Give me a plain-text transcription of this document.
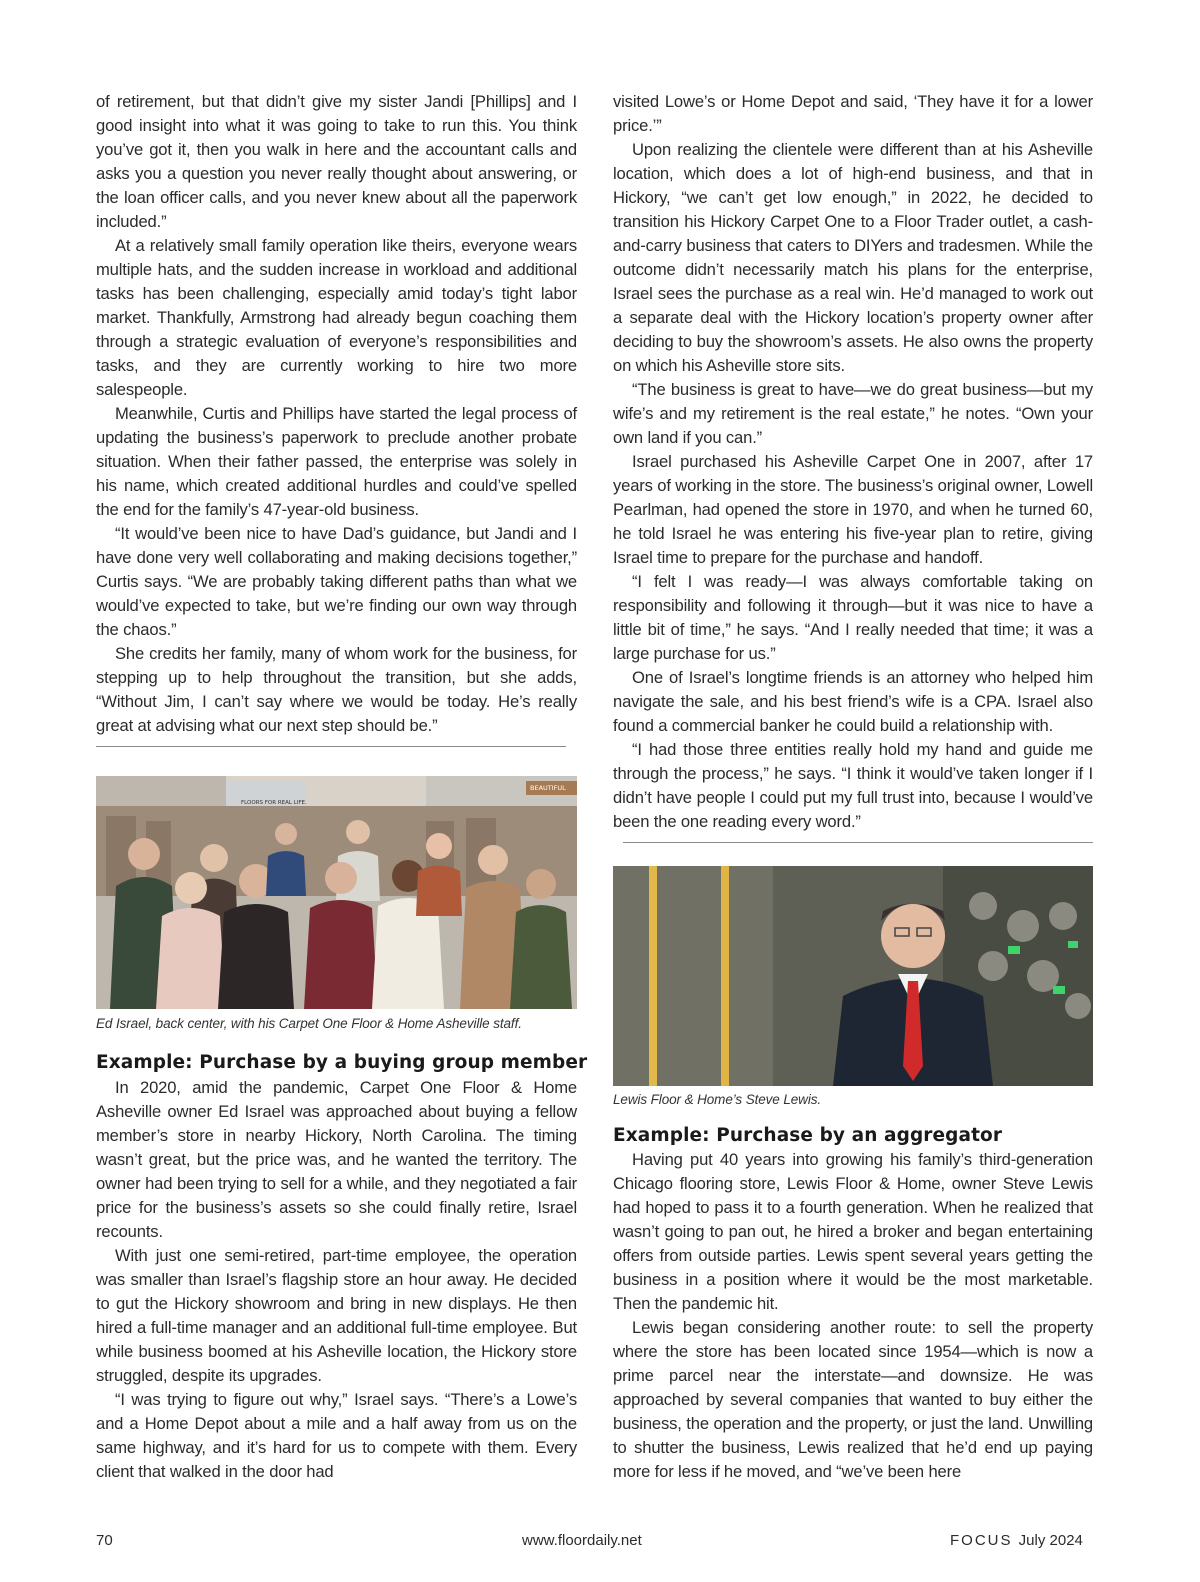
of retirement, but that didn’t give my sister Jandi [Phillips] and I good insight into what it was going to take to run this. You think you’ve got it, then you walk in here and the accountant calls and asks you a question you never really thought about answering, or the loan officer calls, and you never knew about all the paperwork included.”

At a relatively small family operation like theirs, everyone wears multiple hats, and the sudden increase in workload and additional tasks has been challenging, especially amid today’s tight labor market. Thankfully, Armstrong had already begun coaching them through a strategic evaluation of everyone’s responsibilities and tasks, and they are currently working to hire two more salespeople.

Meanwhile, Curtis and Phillips have started the legal process of updating the business’s paperwork to preclude another probate situation. When their father passed, the enterprise was solely in his name, which created additional hurdles and could’ve spelled the end for the family’s 47-year-old business.

“It would’ve been nice to have Dad’s guidance, but Jandi and I have done very well collaborating and making decisions together,” Curtis says. “We are probably taking different paths than what we would’ve expected to take, but we’re finding our own way through the chaos.”

She credits her family, many of whom work for the business, for stepping up to help throughout the transition, but she adds, “Without Jim, I can’t say where we would be today. He’s really great at advising what our next step should be.”

visited Lowe’s or Home Depot and said, ‘They have it for a lower price.’”

Upon realizing the clientele were different than at his Asheville location, which does a lot of high-end business, and that in Hickory, “we can’t get low enough,” in 2022, he decided to transition his Hickory Carpet One to a Floor Trader outlet, a cash-and-carry business that caters to DIYers and tradesmen. While the outcome didn’t necessarily match his plans for the enterprise, Israel sees the purchase as a real win. He’d managed to work out a separate deal with the Hickory location’s property owner after deciding to buy the showroom’s assets. He also owns the property on which his Asheville store sits.

“The business is great to have—we do great business—but my wife’s and my retirement is the real estate,” he notes. “Own your own land if you can.”

Israel purchased his Asheville Carpet One in 2007, after 17 years of working in the store. The business’s original owner, Lowell Pearlman, had opened the store in 1970, and when he turned 60, he told Israel he was entering his five-year plan to retire, giving Israel time to prepare for the purchase and handoff.

“I felt I was ready—I was always comfortable taking on responsibility and following it through—but it was nice to have a little bit of time,” he says. “And I really needed that time; it was a large purchase for us.”

One of Israel’s longtime friends is an attorney who helped him navigate the sale, and his best friend’s wife is a CPA. Israel also found a commercial banker he could build a relationship with.

“I had those three entities really hold my hand and guide me through the process,” he says. “I think it would’ve taken longer if I didn’t have people I could put my full trust into, because I would’ve been the one reading every word.”

FLOORS FOR REAL LIFE.
BEAUTIFUL
Ed Israel, back center, with his Carpet One Floor & Home Asheville staff.
Example: Purchase by a buying group member

In 2020, amid the pandemic, Carpet One Floor & Home Asheville owner Ed Israel was approached about buying a fellow member’s store in nearby Hickory, North Carolina. The timing wasn’t great, but the price was, and he wanted the territory. The owner had been trying to sell for a while, and they negotiated a fair price for the business’s assets so she could finally retire, Israel recounts.

With just one semi-retired, part-time employee, the operation was smaller than Israel’s flagship store an hour away. He decided to gut the Hickory showroom and bring in new displays. He then hired a full-time manager and an additional full-time employee. But while business boomed at his Asheville location, the Hickory store struggled, despite its upgrades.

“I was trying to figure out why,” Israel says. “There’s a Lowe’s and a Home Depot about a mile and a half away from us on the same highway, and it’s hard for us to compete with them. Every client that walked in the door had

Lewis Floor & Home’s Steve Lewis.
Example: Purchase by an aggregator

Having put 40 years into growing his family’s third-generation Chicago flooring store, Lewis Floor & Home, owner Steve Lewis had hoped to pass it to a fourth generation. When he realized that wasn’t going to pan out, he hired a broker and began entertaining offers from outside parties. Lewis spent several years getting the business in a position where it would be the most marketable. Then the pandemic hit.

Lewis began considering another route: to sell the property where the store has been located since 1954—which is now a prime parcel near the interstate—and downsize. He was approached by several companies that wanted to buy either the business, the operation and the property, or just the land. Unwilling to shutter the business, Lewis realized that he’d end up paying more for less if he moved, and “we’ve been here

70	www.floordaily.net	FOCUS July 2024
